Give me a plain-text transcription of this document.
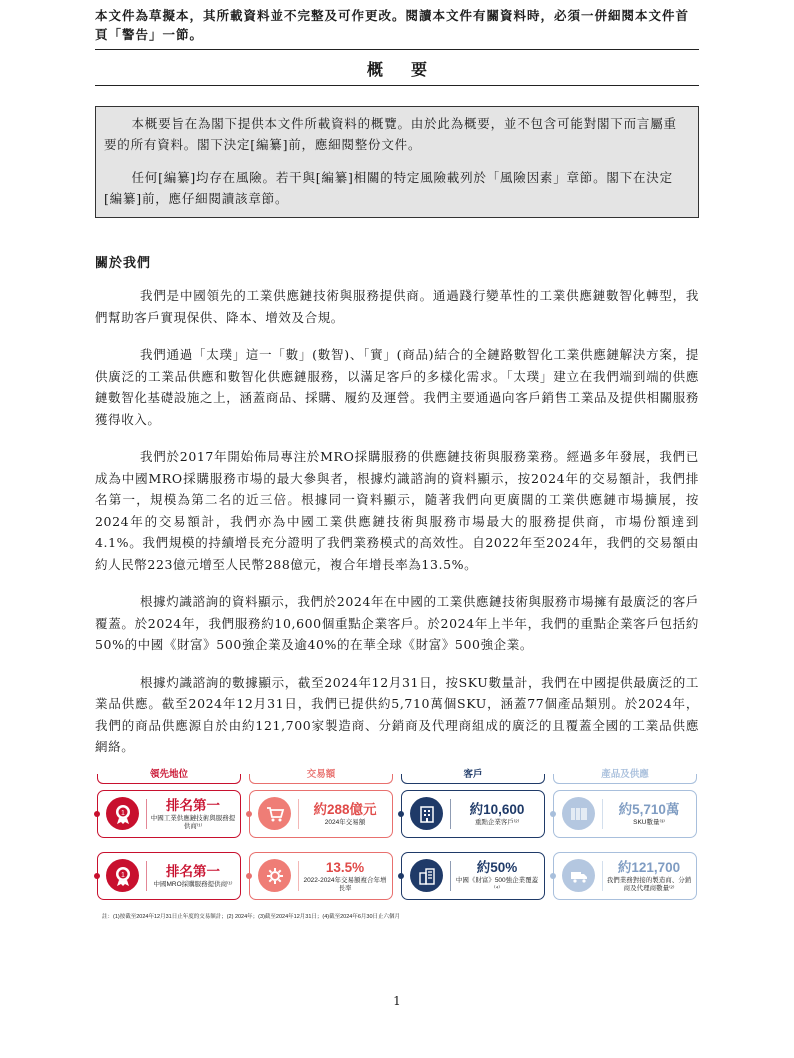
本文件為草擬本，其所載資料並不完整及可作更改。閱讀本文件有關資料時，必須一併細閱本文件首頁「警告」一節。
概要

本概要旨在為閣下提供本文件所載資料的概覽。由於此為概要，並不包含可能對閣下而言屬重要的所有資料。閣下決定[編纂]前，應細閱整份文件。

任何[編纂]均存在風險。若干與[編纂]相關的特定風險載列於「風險因素」章節。閣下在決定[編纂]前，應仔細閱讀該章節。

關於我們

我們是中國領先的工業供應鏈技術與服務提供商。通過踐行變革性的工業供應鏈數智化轉型，我們幫助客戶實現保供、降本、增效及合規。

我們通過「太璞」這一「數」(數智)、「實」(商品)結合的全鏈路數智化工業供應鏈解決方案，提供廣泛的工業品供應和數智化供應鏈服務，以滿足客戶的多樣化需求。「太璞」建立在我們端到端的供應鏈數智化基礎設施之上，涵蓋商品、採購、履約及運營。我們主要通過向客戶銷售工業品及提供相關服務獲得收入。

我們於2017年開始佈局專注於MRO採購服務的供應鏈技術與服務業務。經過多年發展，我們已成為中國MRO採購服務市場的最大參與者，根據灼識諮詢的資料顯示，按2024年的交易額計，我們排名第一，規模為第二名的近三倍。根據同一資料顯示，隨著我們向更廣闊的工業供應鏈市場擴展，按2024年的交易額計，我們亦為中國工業供應鏈技術與服務市場最大的服務提供商，市場份額達到4.1%。我們規模的持續增長充分證明了我們業務模式的高效性。自2022年至2024年，我們的交易額由約人民幣223億元增至人民幣288億元，複合年增長率為13.5%。

根據灼識諮詢的資料顯示，我們於2024年在中國的工業供應鏈技術與服務市場擁有最廣泛的客戶覆蓋。於2024年，我們服務約10,600個重點企業客戶。於2024年上半年，我們的重點企業客戶包括約50%的中國《財富》500強企業及逾40%的在華全球《財富》500強企業。

根據灼識諮詢的數據顯示，截至2024年12月31日，按SKU數量計，我們在中國提供最廣泛的工業品供應。截至2024年12月31日，我們已提供約5,710萬個SKU，涵蓋77個產品類別。於2024年，我們的商品供應源自於由約121,700家製造商、分銷商及代理商組成的廣泛的且覆蓋全國的工業品供應網絡。

領先地位	交易額	客戶	產品及供應
1
排名第一
中國工業供應鏈技術與服務提供商⁽¹⁾
約288億元
2024年交易額
約10,600
重點企業客戶⁽²⁾
約5,710萬
SKU數量⁽³⁾
1	排名第一
中國MRO採購服務提供商⁽¹⁾
13.5%
2022-2024年交易額複合年增長率
約50%
中國《財富》500強企業覆蓋⁽⁴⁾
約121,700
我們業務對接的製造商、分銷商及代理商數量⁽²⁾
註：(1)按截至2024年12月31日止年度的交易額計；(2) 2024年；(3)截至2024年12月31日；(4)截至2024年6月30日止六個月
1
